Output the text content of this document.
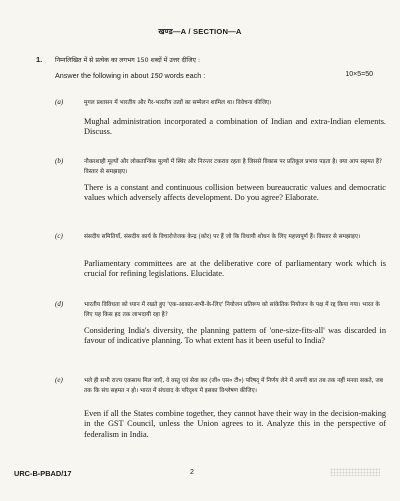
खण्ड—A / SECTION—A
1. निम्नलिखित में से प्रत्येक का लगभग 150 शब्दों में उत्तर दीजिए :
Answer the following in about 150 words each :	10×5=50
(a)	मुगल प्रशासन में भारतीय और गैर-भारतीय तत्वों का सम्मेलन शामिल था। विवेचना कीजिए।
Mughal administration incorporated a combination of Indian and extra-Indian elements. Discuss.
(b)	नौकरशाही मूल्यों और लोकतान्त्रिक मूल्यों में स्थिर और निरन्तर टकराव रहता है जिससे विकास पर प्रतिकूल प्रभाव पड़ता है। क्या आप सहमत हैं? विस्तार से समझाइए।
There is a constant and continuous collision between bureaucratic values and democratic values which adversely affects development. Do you agree? Elaborate.
(c)	संसदीय समितियाँ, संसदीय कार्य के विचारोत्तेजक केन्द्र (कोर) पर हैं जो कि विधायी शोधन के लिए महत्त्वपूर्ण हैं। विस्तार से समझाइए।
Parliamentary committees are at the deliberative core of parliamentary work which is crucial for refining legislations. Elucidate.
(d)	भारतीय विविधता को ध्यान में रखते हुए 'एक-आकार-सभी-के-लिए' नियोजन प्रतिरूप को सांकेतिक नियोजन के पक्ष में रद्द किया गया। भारत के लिए यह किस हद तक लाभदायी रहा है?
Considering India's diversity, the planning pattern of 'one-size-fits-all' was discarded in favour of indicative planning. To what extent has it been useful to India?
(e)	भले ही सभी राज्य एकसाथ मिल जाएँ, वे वस्तु एवं सेवा कर (जी० एस० टी०) परिषद् में निर्णय लेने में अपनी बात तब तक नहीं मनवा सकते, जब तक कि संघ सहमत न हो। भारत में संघवाद के परिदृश्य में इसका विश्लेषण कीजिए।
Even if all the States combine together, they cannot have their way in the decision-making in the GST Council, unless the Union agrees to it. Analyze this in the perspective of federalism in India.
URC-B-PBAD/17	2
